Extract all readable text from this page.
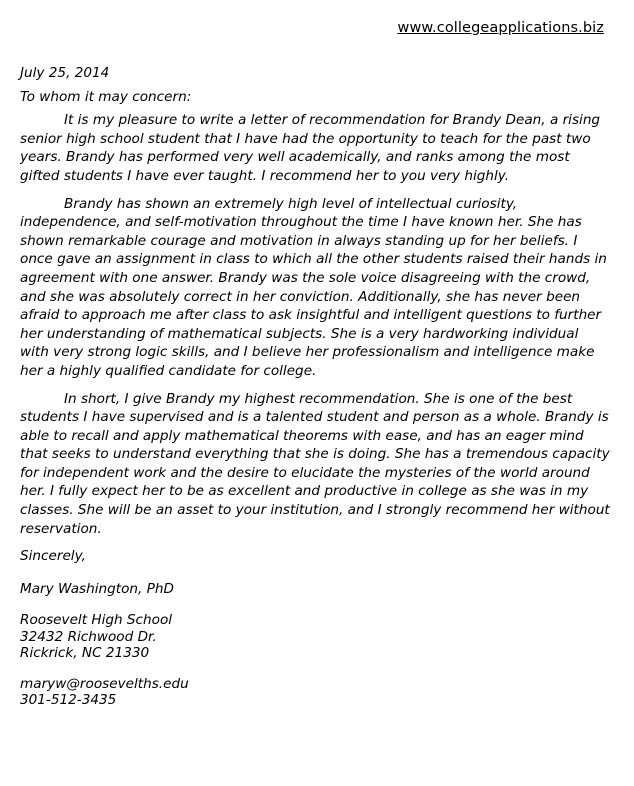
www.collegeapplications.biz

July 25, 2014

To whom it may concern:

It is my pleasure to write a letter of recommendation for Brandy Dean, a rising senior high school student that I have had the opportunity to teach for the past two years. Brandy has performed very well academically, and ranks among the most gifted students I have ever taught. I recommend her to you very highly.

Brandy has shown an extremely high level of intellectual curiosity, independence, and self-motivation throughout the time I have known her. She has shown remarkable courage and motivation in always standing up for her beliefs. I once gave an assignment in class to which all the other students raised their hands in agreement with one answer. Brandy was the sole voice disagreeing with the crowd, and she was absolutely correct in her conviction. Additionally, she has never been afraid to approach me after class to ask insightful and intelligent questions to further her understanding of mathematical subjects. She is a very hardworking individual with very strong logic skills, and I believe her professionalism and intelligence make her a highly qualified candidate for college.

In short, I give Brandy my highest recommendation. She is one of the best students I have supervised and is a talented student and person as a whole. Brandy is able to recall and apply mathematical theorems with ease, and has an eager mind that seeks to understand everything that she is doing. She has a tremendous capacity for independent work and the desire to elucidate the mysteries of the world around her. I fully expect her to be as excellent and productive in college as she was in my classes. She will be an asset to your institution, and I strongly recommend her without reservation.

Sincerely,

Mary Washington, PhD

Roosevelt High School
32432 Richwood Dr.
Rickrick, NC 21330
maryw@roosevelths.edu
301-512-3435
